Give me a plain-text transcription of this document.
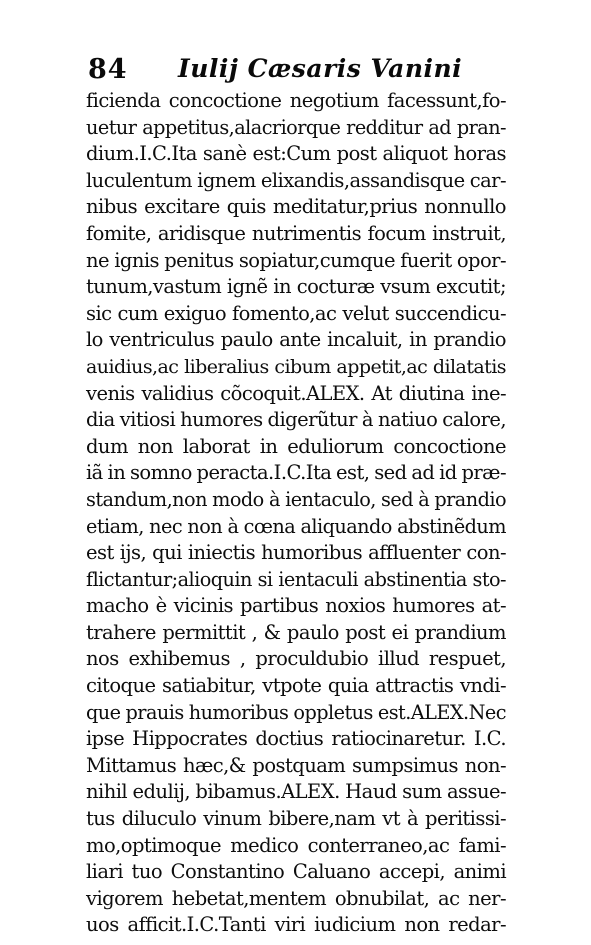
84 Iulij Cæsaris Vanini
ficienda concoctione negotium facessunt,fo-
uetur appetitus,alacriorque redditur ad pran-
dium.I.C.Ita sanè est:Cum post aliquot horas
luculentum ignem elixandis,assandisque car-
nibus excitare quis meditatur,prius nonnullo
fomite, aridisque nutrimentis focum instruit,
ne ignis penitus sopiatur,cumque fuerit opor-
tunum,vastum ignẽ in cocturæ vsum excutit;
sic cum exiguo fomento,ac velut succendicu-
lo ventriculus paulo ante incaluit, in prandio
auidius,ac liberalius cibum appetit,ac dilatatis
venis validius cõcoquit.ALEX. At diutina ine-
dia vitiosi humores digerũtur à natiuo calore,
dum non laborat in eduliorum concoctione
iã in somno peracta.I.C.Ita est, sed ad id præ-
standum,non modo à ientaculo, sed à prandio
etiam, nec non à cœna aliquando abstinẽdum
est ijs, qui iniectis humoribus affluenter con-
flictantur;alioquin si ientaculi abstinentia sto-
macho è vicinis partibus noxios humores at-
trahere permittit , & paulo post ei prandium
nos exhibemus , proculdubio illud respuet,
citoque satiabitur, vtpote quia attractis vndi-
que prauis humoribus oppletus est.ALEX.Nec
ipse Hippocrates doctius ratiocinaretur. I.C.
Mittamus hæc,& postquam sumpsimus non-
nihil edulij, bibamus.ALEX. Haud sum assue-
tus diluculo vinum bibere,nam vt à peritissi-
mo,optimoque medico conterraneo,ac fami-
liari tuo Constantino Caluano accepi, animi
vigorem hebetat,mentem obnubilat, ac ner-
uos afficit.I.C.Tanti viri iudicium non redar-
